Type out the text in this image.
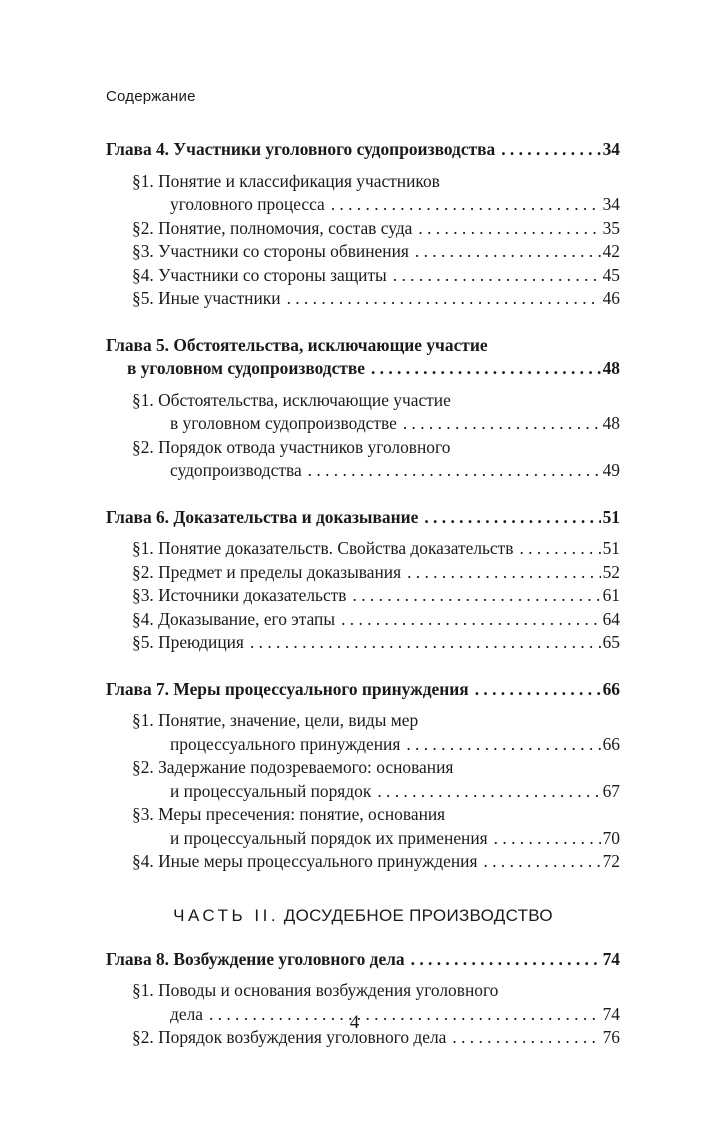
Содержание
Глава 4. Участники уголовного судопроизводства . . .	34
§1. Понятие и классификация участников
уголовного процесса . . .	34
§2. Понятие, полномочия, состав суда . . .	35
§3. Участники со стороны обвинения . . .	42
§4. Участники со стороны защиты . . .	45
§5. Иные участники . . .	46
Глава 5. Обстоятельства, исключающие участие
в уголовном судопроизводстве . . .	48
§1. Обстоятельства, исключающие участие
в уголовном судопроизводстве . . .	48
§2. Порядок отвода участников уголовного
судопроизводства . . .	49
Глава 6. Доказательства и доказывание . . .	51
§1. Понятие доказательств. Свойства доказательств . . .	51
§2. Предмет и пределы доказывания . . .	52
§3. Источники доказательств . . .	61
§4. Доказывание, его этапы . . .	64
§5. Преюдиция . . .	65
Глава 7. Меры процессуального принуждения . . .	66
§1. Понятие, значение, цели, виды мер
процессуального принуждения . . .	66
§2. Задержание подозреваемого: основания
и процессуальный порядок . . .	67
§3. Меры пресечения: понятие, основания
и процессуальный порядок их применения . . .	70
§4. Иные меры процессуального принуждения . . .	72
ЧАСТЬ II. ДОСУДЕБНОЕ ПРОИЗВОДСТВО
Глава 8. Возбуждение уголовного дела . . .	74
§1. Поводы и основания возбуждения уголовного
дела . . .	74
§2. Порядок возбуждения уголовного дела . . .	76
4
